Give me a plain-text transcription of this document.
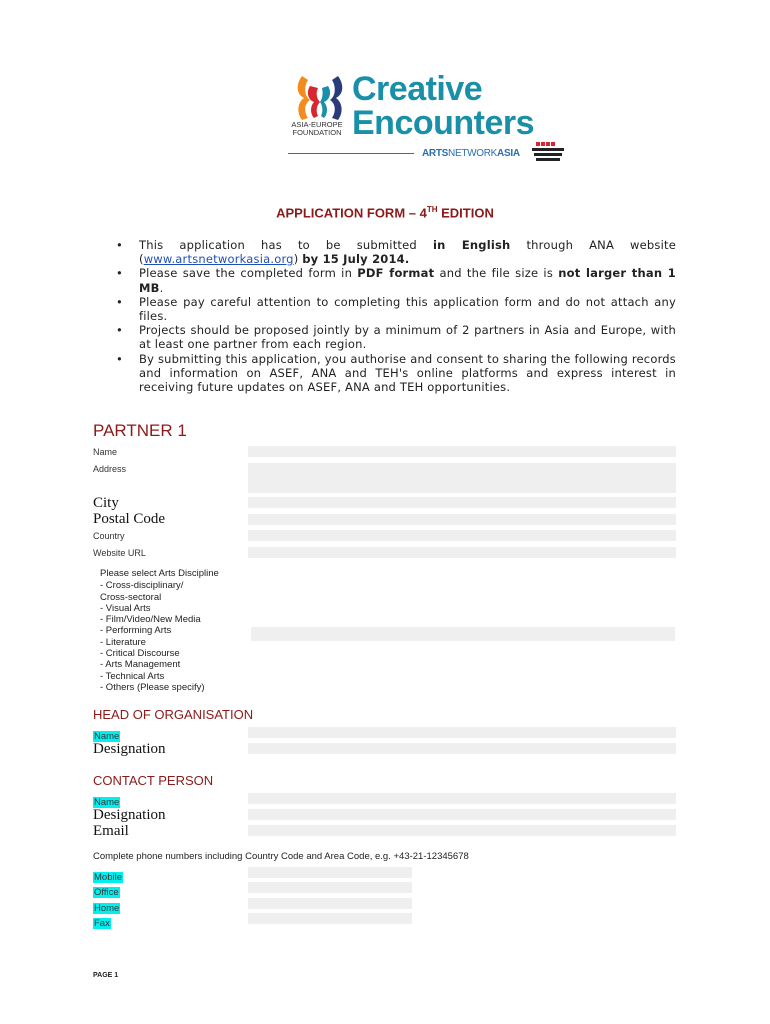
Creative
Encounters
ASIA-EUROPE
FOUNDATION
ARTSNETWORKASIA
APPLICATION FORM – 4TH EDITION
• This application has to be submitted in English through ANA website (www.artsnetworkasia.org) by 15 July 2014.
• Please save the completed form in PDF format and the file size is not larger than 1 MB.
• Please pay careful attention to completing this application form and do not attach any files.
• Projects should be proposed jointly by a minimum of 2 partners in Asia and Europe, with at least one partner from each region.
• By submitting this application, you authorise and consent to sharing the following records and information on ASEF, ANA and TEH's online platforms and express interest in receiving future updates on ASEF, ANA and TEH opportunities.
PARTNER 1
Name
Address
City
Postal Code
Country
Website URL
Please select Arts Discipline
- Cross-disciplinary/
Cross-sectoral
- Visual Arts
- Film/Video/New Media
- Performing Arts
- Literature
- Critical Discourse
- Arts Management
- Technical Arts
- Others (Please specify)
HEAD OF ORGANISATION
Name
Designation
CONTACT PERSON
Name
Designation
Email
Complete phone numbers including Country Code and Area Code, e.g. +43-21-12345678
Mobile
Office
Home
Fax
PAGE 1
